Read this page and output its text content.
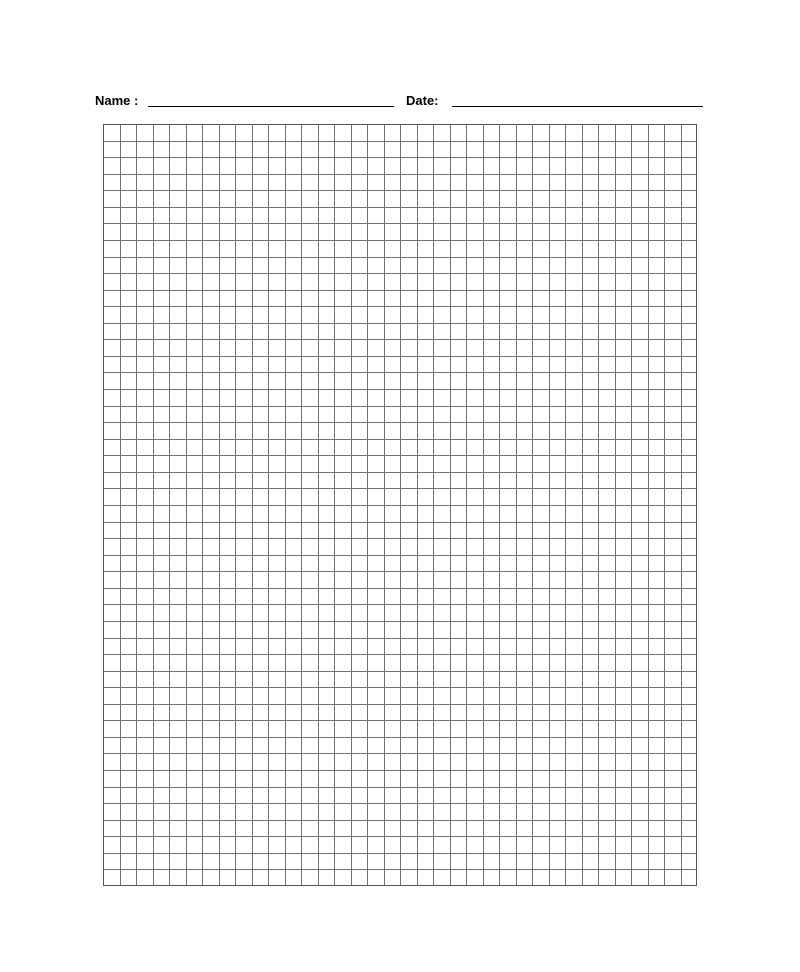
Name :	Date:
